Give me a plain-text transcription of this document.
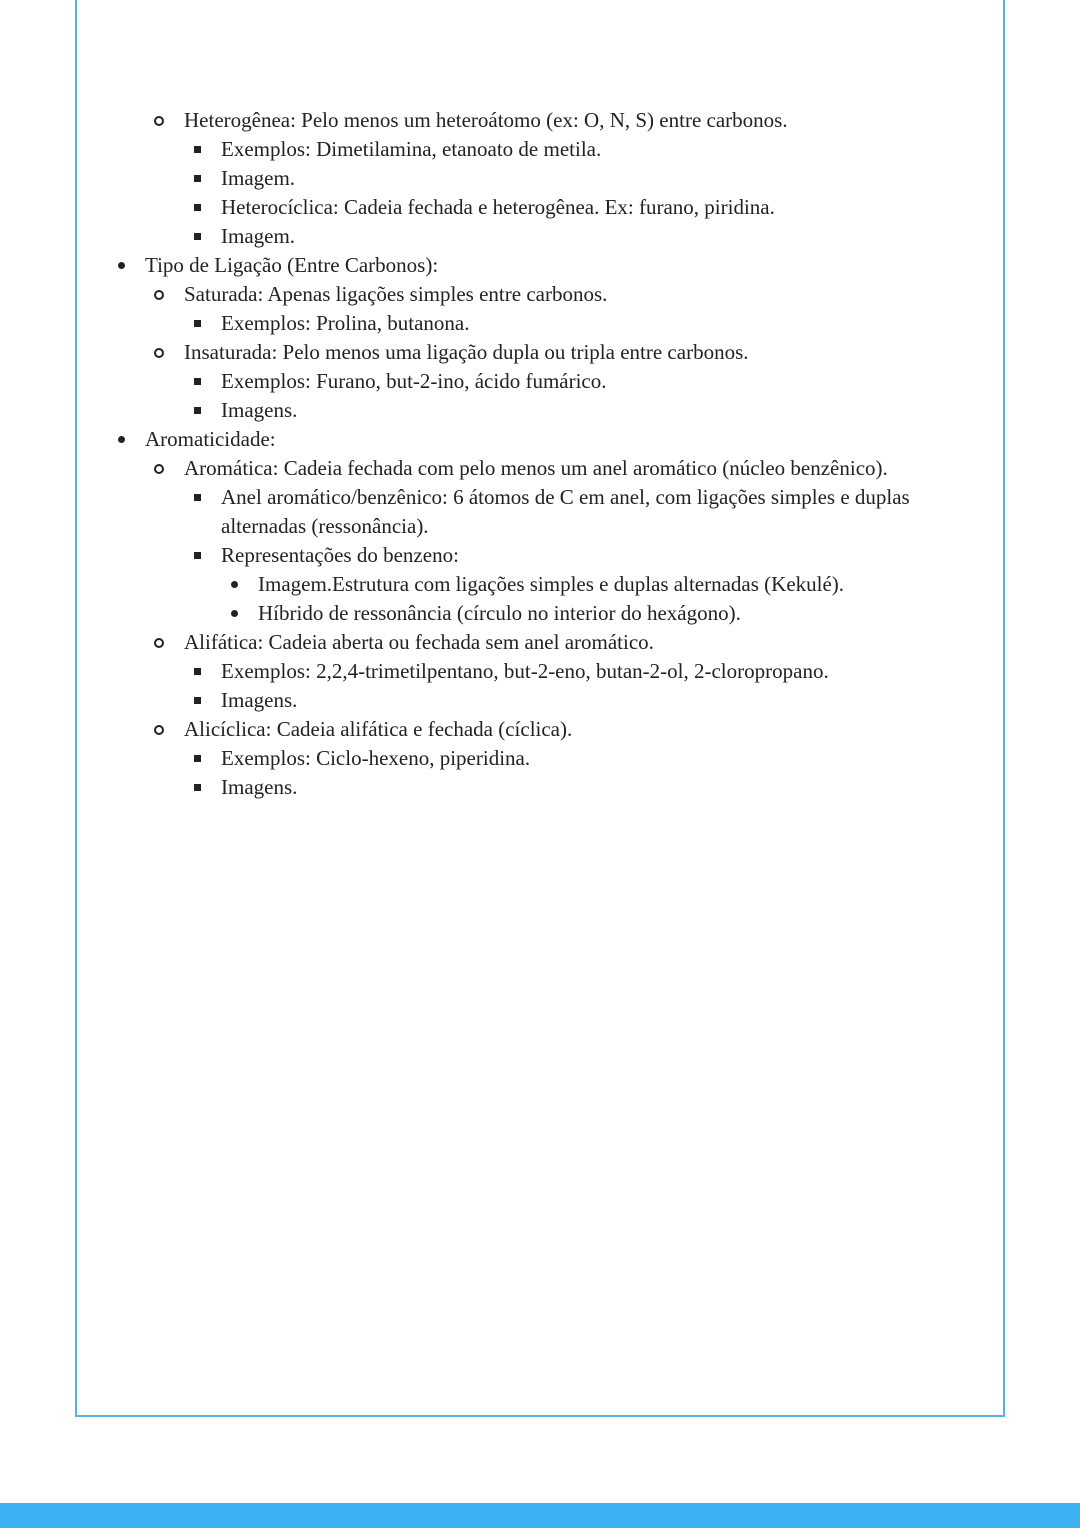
Heterogênea: Pelo menos um heteroátomo (ex: O, N, S) entre carbonos.
Exemplos: Dimetilamina, etanoato de metila.
Imagem.
Heterocíclica: Cadeia fechada e heterogênea. Ex: furano, piridina.
Imagem.
Tipo de Ligação (Entre Carbonos):
Saturada: Apenas ligações simples entre carbonos.
Exemplos: Prolina, butanona.
Insaturada: Pelo menos uma ligação dupla ou tripla entre carbonos.
Exemplos: Furano, but-2-ino, ácido fumárico.
Imagens.
Aromaticidade:
Aromática: Cadeia fechada com pelo menos um anel aromático (núcleo benzênico).
Anel aromático/benzênico: 6 átomos de C em anel, com ligações simples e duplas alternadas (ressonância).
Representações do benzeno:
Imagem.Estrutura com ligações simples e duplas alternadas (Kekulé).
Híbrido de ressonância (círculo no interior do hexágono).
Alifática: Cadeia aberta ou fechada sem anel aromático.
Exemplos: 2,2,4-trimetilpentano, but-2-eno, butan-2-ol, 2-cloropropano.
Imagens.
Alicíclica: Cadeia alifática e fechada (cíclica).
Exemplos: Ciclo-hexeno, piperidina.
Imagens.
